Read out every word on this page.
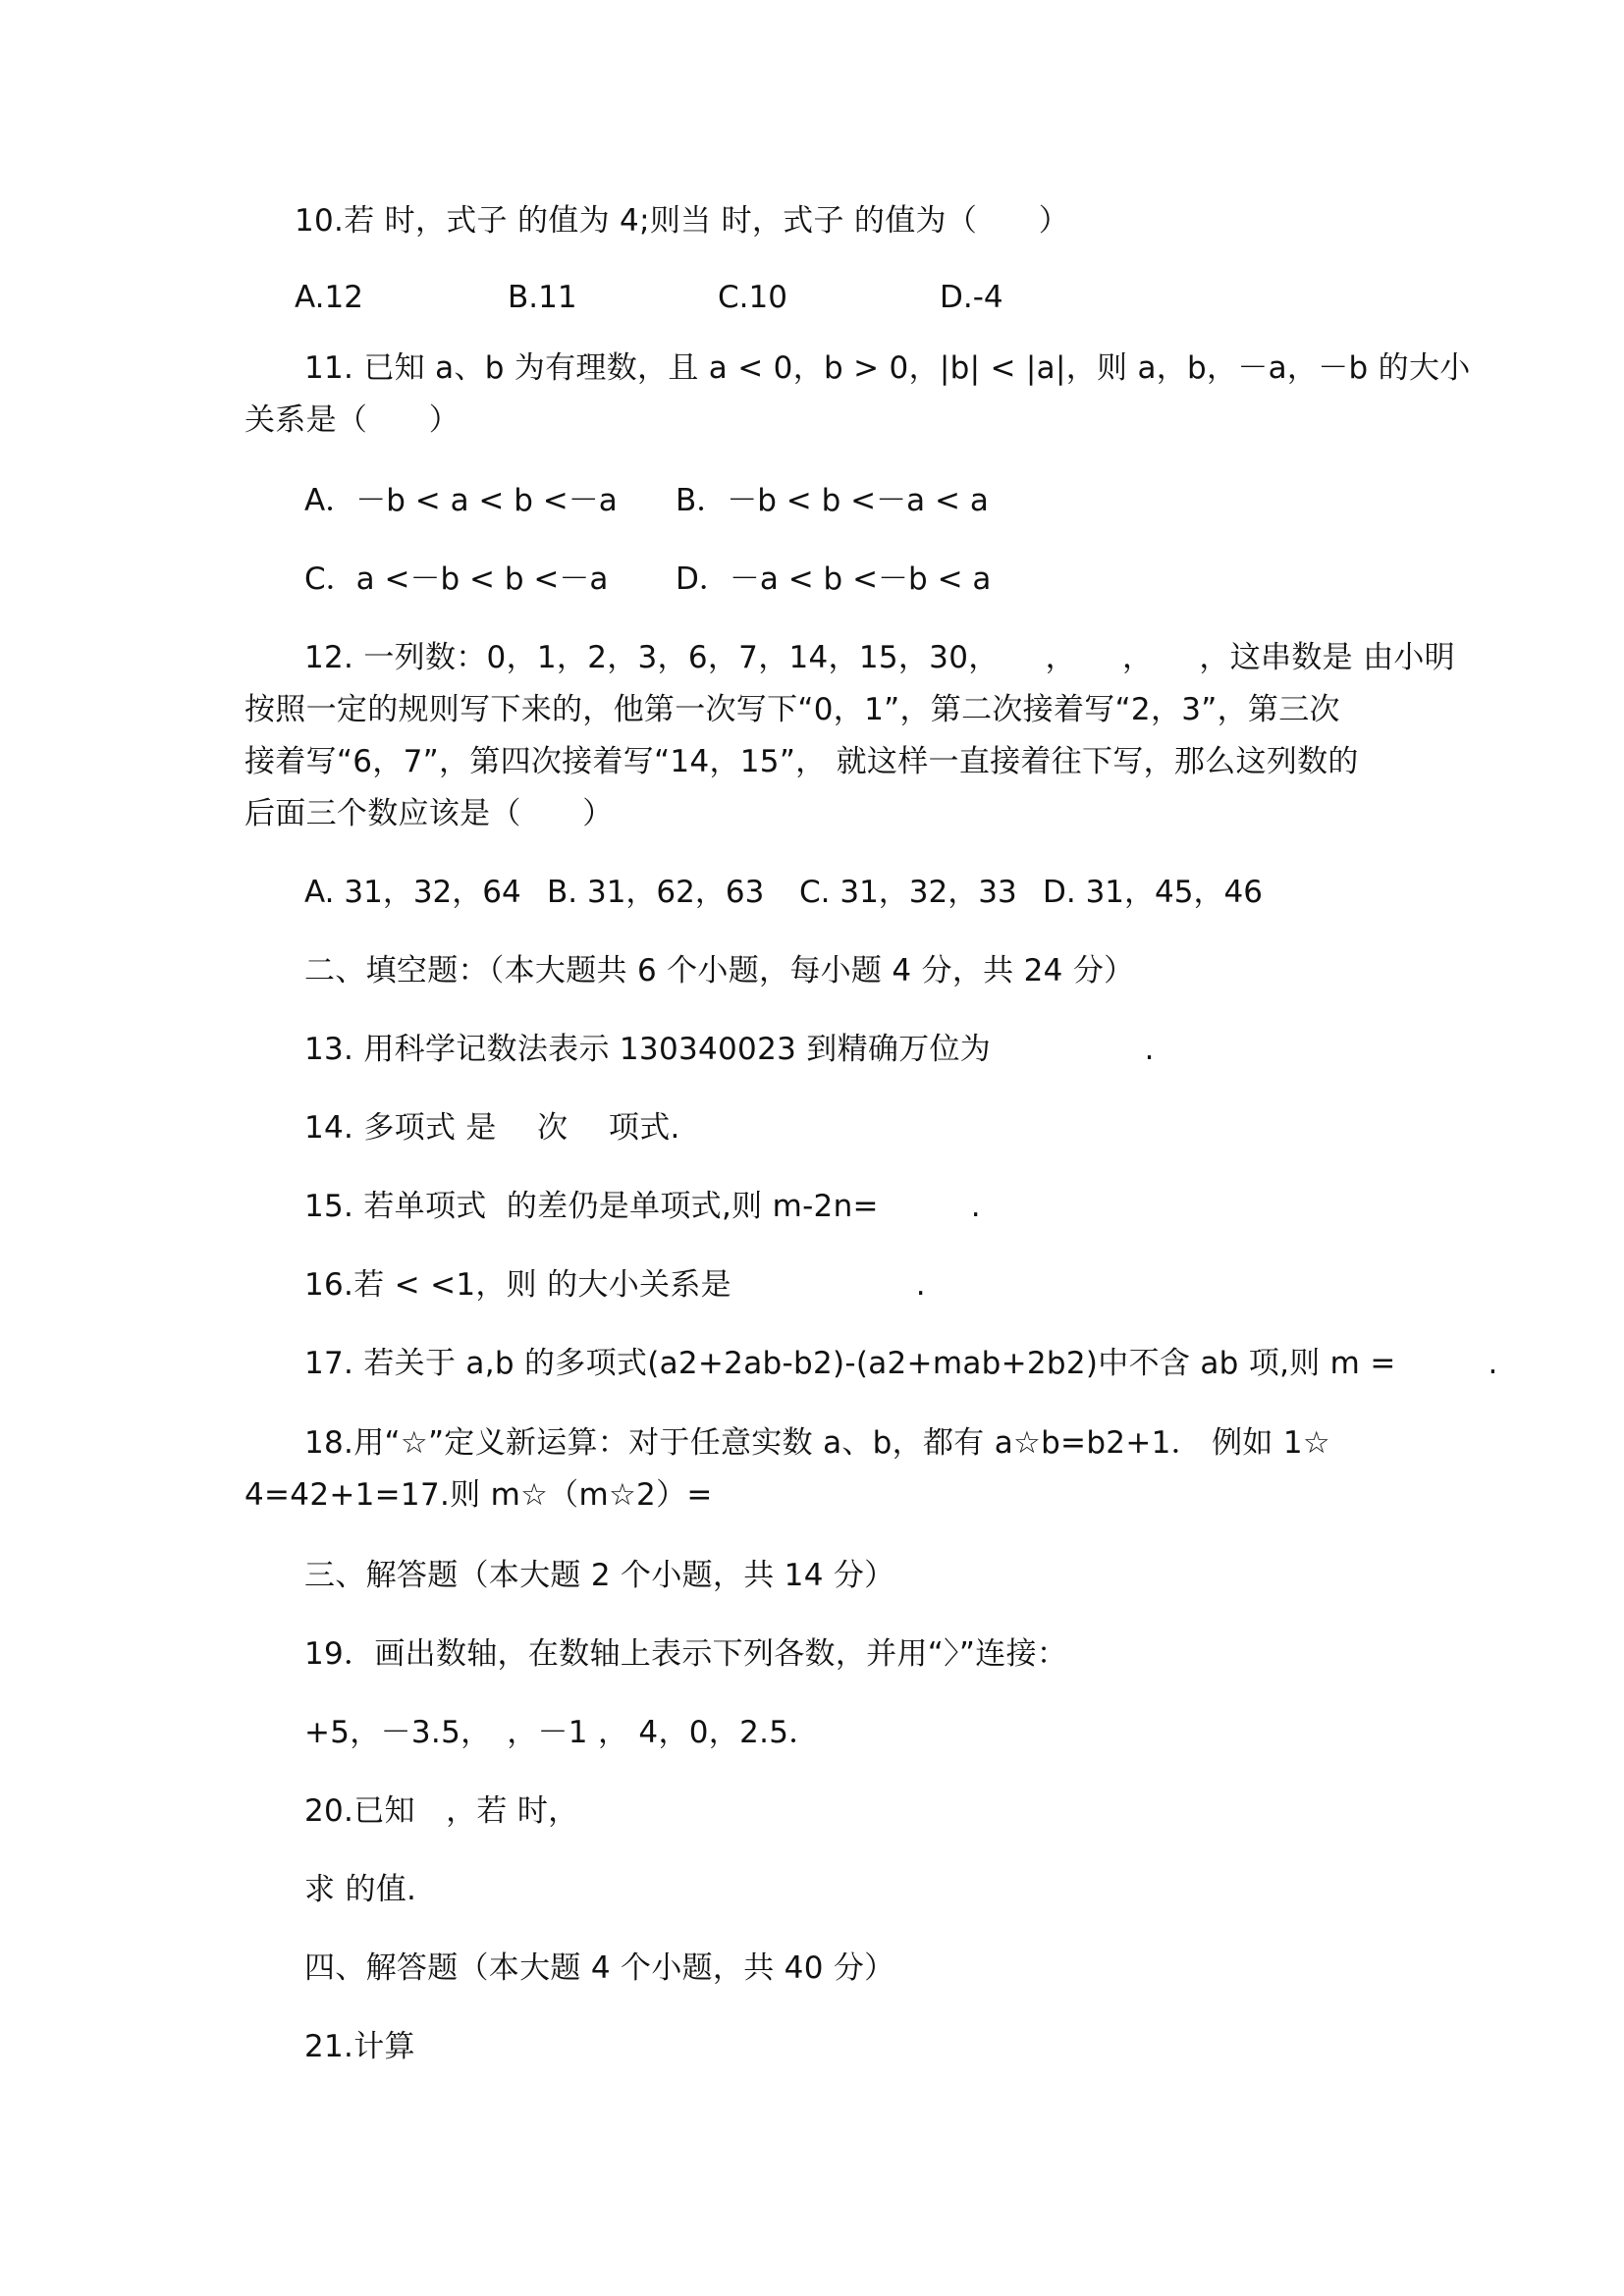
10.若 时，式子 的值为 4;则当 时，式子 的值为（　　）
A.12	B.11	C.10	D.-4
11. 已知 a、b 为有理数，且 a < 0，b > 0，|b| < |a|，则 a，b，－a，－b 的大小
关系是（　　）
A．－b < a < b <－a B．－b < b <－a < a
C．a <－b < b <－a D．－a < b <－b < a
12. 一列数：0，1，2，3，6，7，14，15，30，　　，　　，　　，这串数是 由小明
按照一定的规则写下来的，他第一次写下“0，1”，第二次接着写“2，3”，第三次
接着写“6，7”，第四次接着写“14，15”， 就这样一直接着往下写，那么这列数的
后面三个数应该是（　　）
A. 31，32，64 B. 31，62，63 C. 31，32，33 D. 31，45，46
二、填空题：（本大题共 6 个小题，每小题 4 分，共 24 分）
13. 用科学记数法表示 130340023 到精确万位为　　　　　.
14. 多项式 是　 次　 项式.
15. 若单项式  的差仍是单项式,则 m-2n=　　　.
16.若 < <1，则 的大小关系是　　　　　　.
17. 若关于 a,b 的多项式(a2+2ab-b2)-(a2+mab+2b2)中不含 ab 项,则 m =　　　.
18.用“☆”定义新运算：对于任意实数 a、b，都有 a☆b=b2+1． 例如 1☆
4=42+1=17.则 m☆（m☆2）=
三、解答题（本大题 2 个小题，共 14 分）
19．画出数轴，在数轴上表示下列各数，并用“〉”连接：
+5，－3.5，　，－1 ， 4，0，2.5．
20.已知　，若 时，
求 的值.
四、解答题（本大题 4 个小题，共 40 分）
21.计算
